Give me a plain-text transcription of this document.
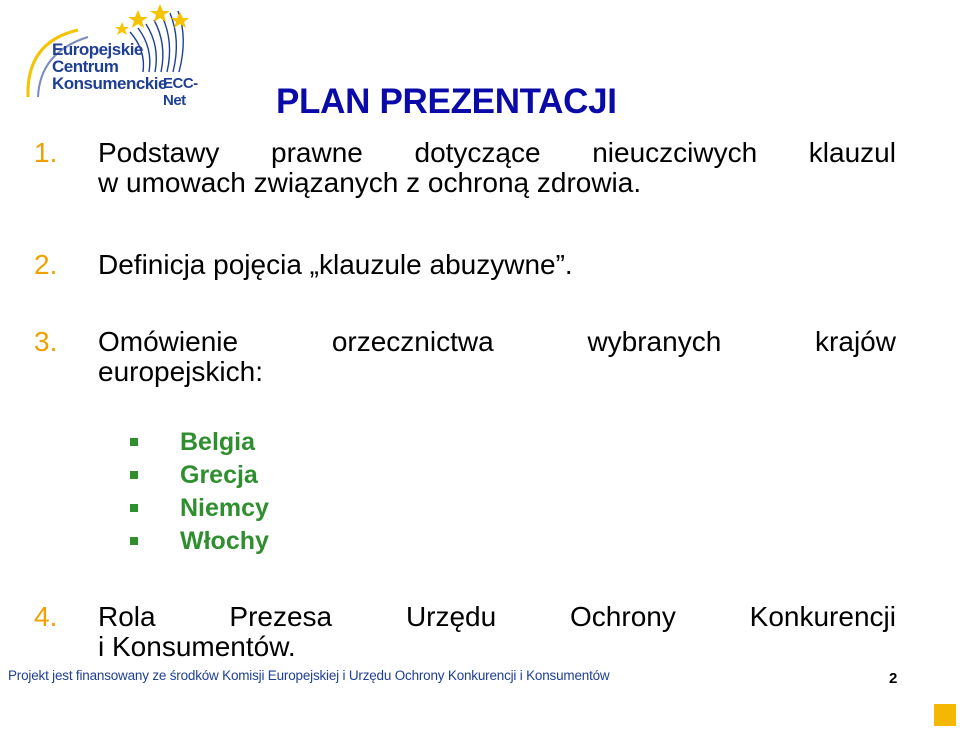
Europejskie
Centrum
Konsumenckie
ECC-Net	PLAN PREZENTACJI
1. Podstawy prawne dotyczące nieuczciwych klauzul
w umowach związanych z ochroną zdrowia.
2. Definicja pojęcia „klauzule abuzywne”.
3. Omówienie	orzecznictwa	wybranych	krajów
europejskich:
Belgia
Grecja
Niemcy
Włochy
4. Rola	Prezesa	Urzędu	Ochrony	Konkurencji
i Konsumentów.
Projekt jest finansowany ze środków Komisji Europejskiej i Urzędu Ochrony Konkurencji i Konsumentów	2
